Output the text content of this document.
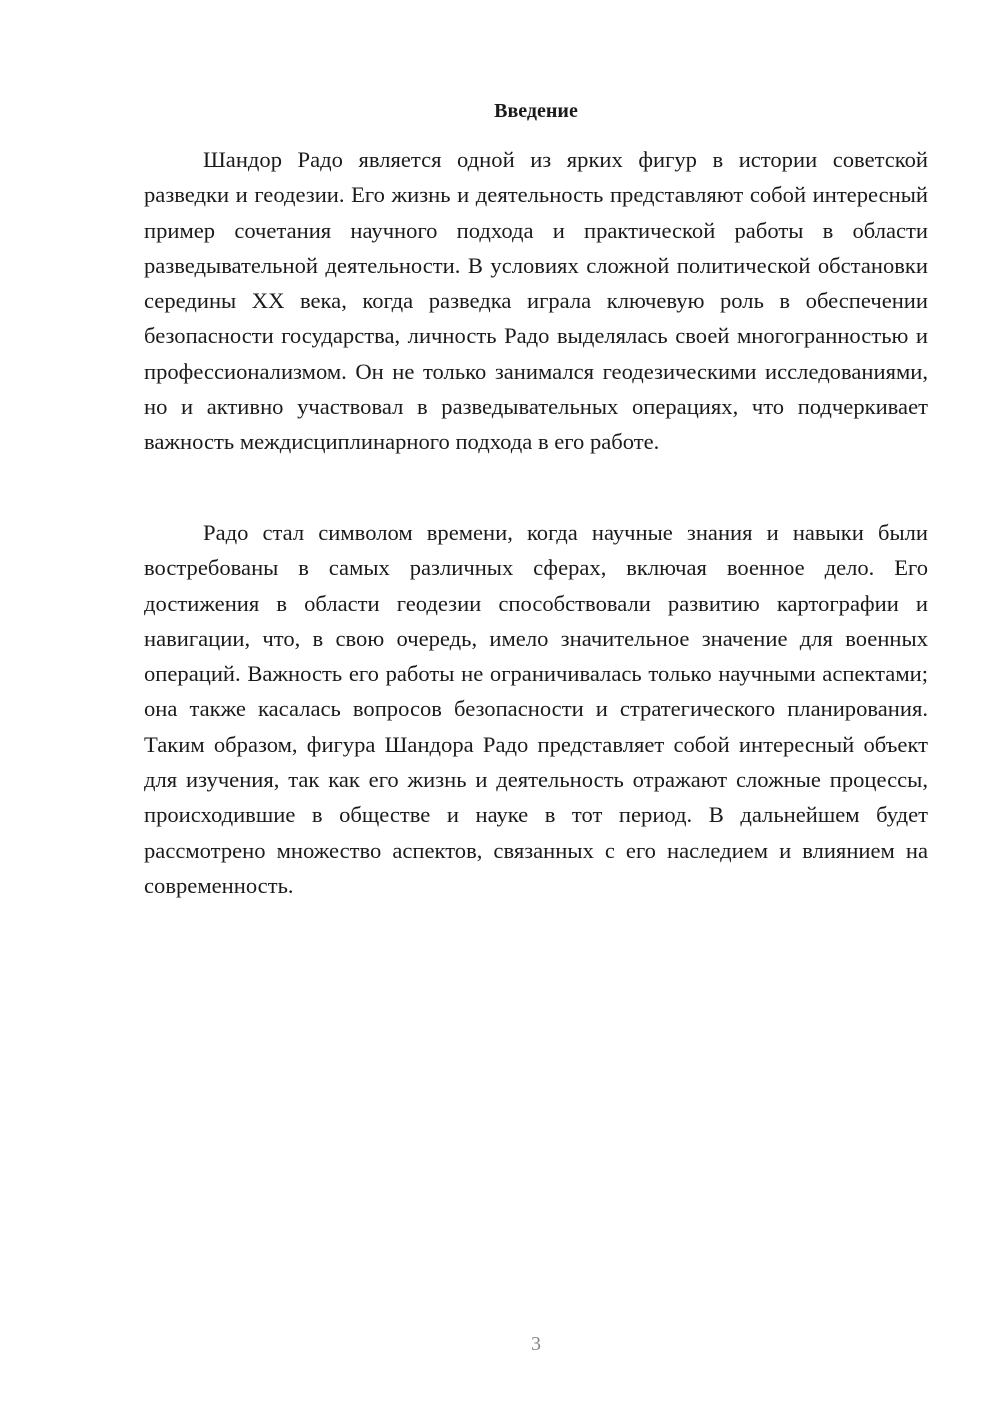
Введение

Шандор Радо является одной из ярких фигур в истории советской разведки и геодезии. Его жизнь и деятельность представляют собой интересный пример сочетания научного подхода и практической работы в области разведывательной деятельности. В условиях сложной политической обстановки середины XX века, когда разведка играла ключевую роль в обеспечении безопасности государства, личность Радо выделялась своей многогранностью и профессионализмом. Он не только занимался геодезическими исследованиями, но и активно участвовал в разведывательных операциях, что подчеркивает важность междисциплинарного подхода в его работе.

Радо стал символом времени, когда научные знания и навыки были востребованы в самых различных сферах, включая военное дело. Его достижения в области геодезии способствовали развитию картографии и навигации, что, в свою очередь, имело значительное значение для военных операций. Важность его работы не ограничивалась только научными аспектами; она также касалась вопросов безопасности и стратегического планирования. Таким образом, фигура Шандора Радо представляет собой интересный объект для изучения, так как его жизнь и деятельность отражают сложные процессы, происходившие в обществе и науке в тот период. В дальнейшем будет рассмотрено множество аспектов, связанных с его наследием и влиянием на современность.

3
